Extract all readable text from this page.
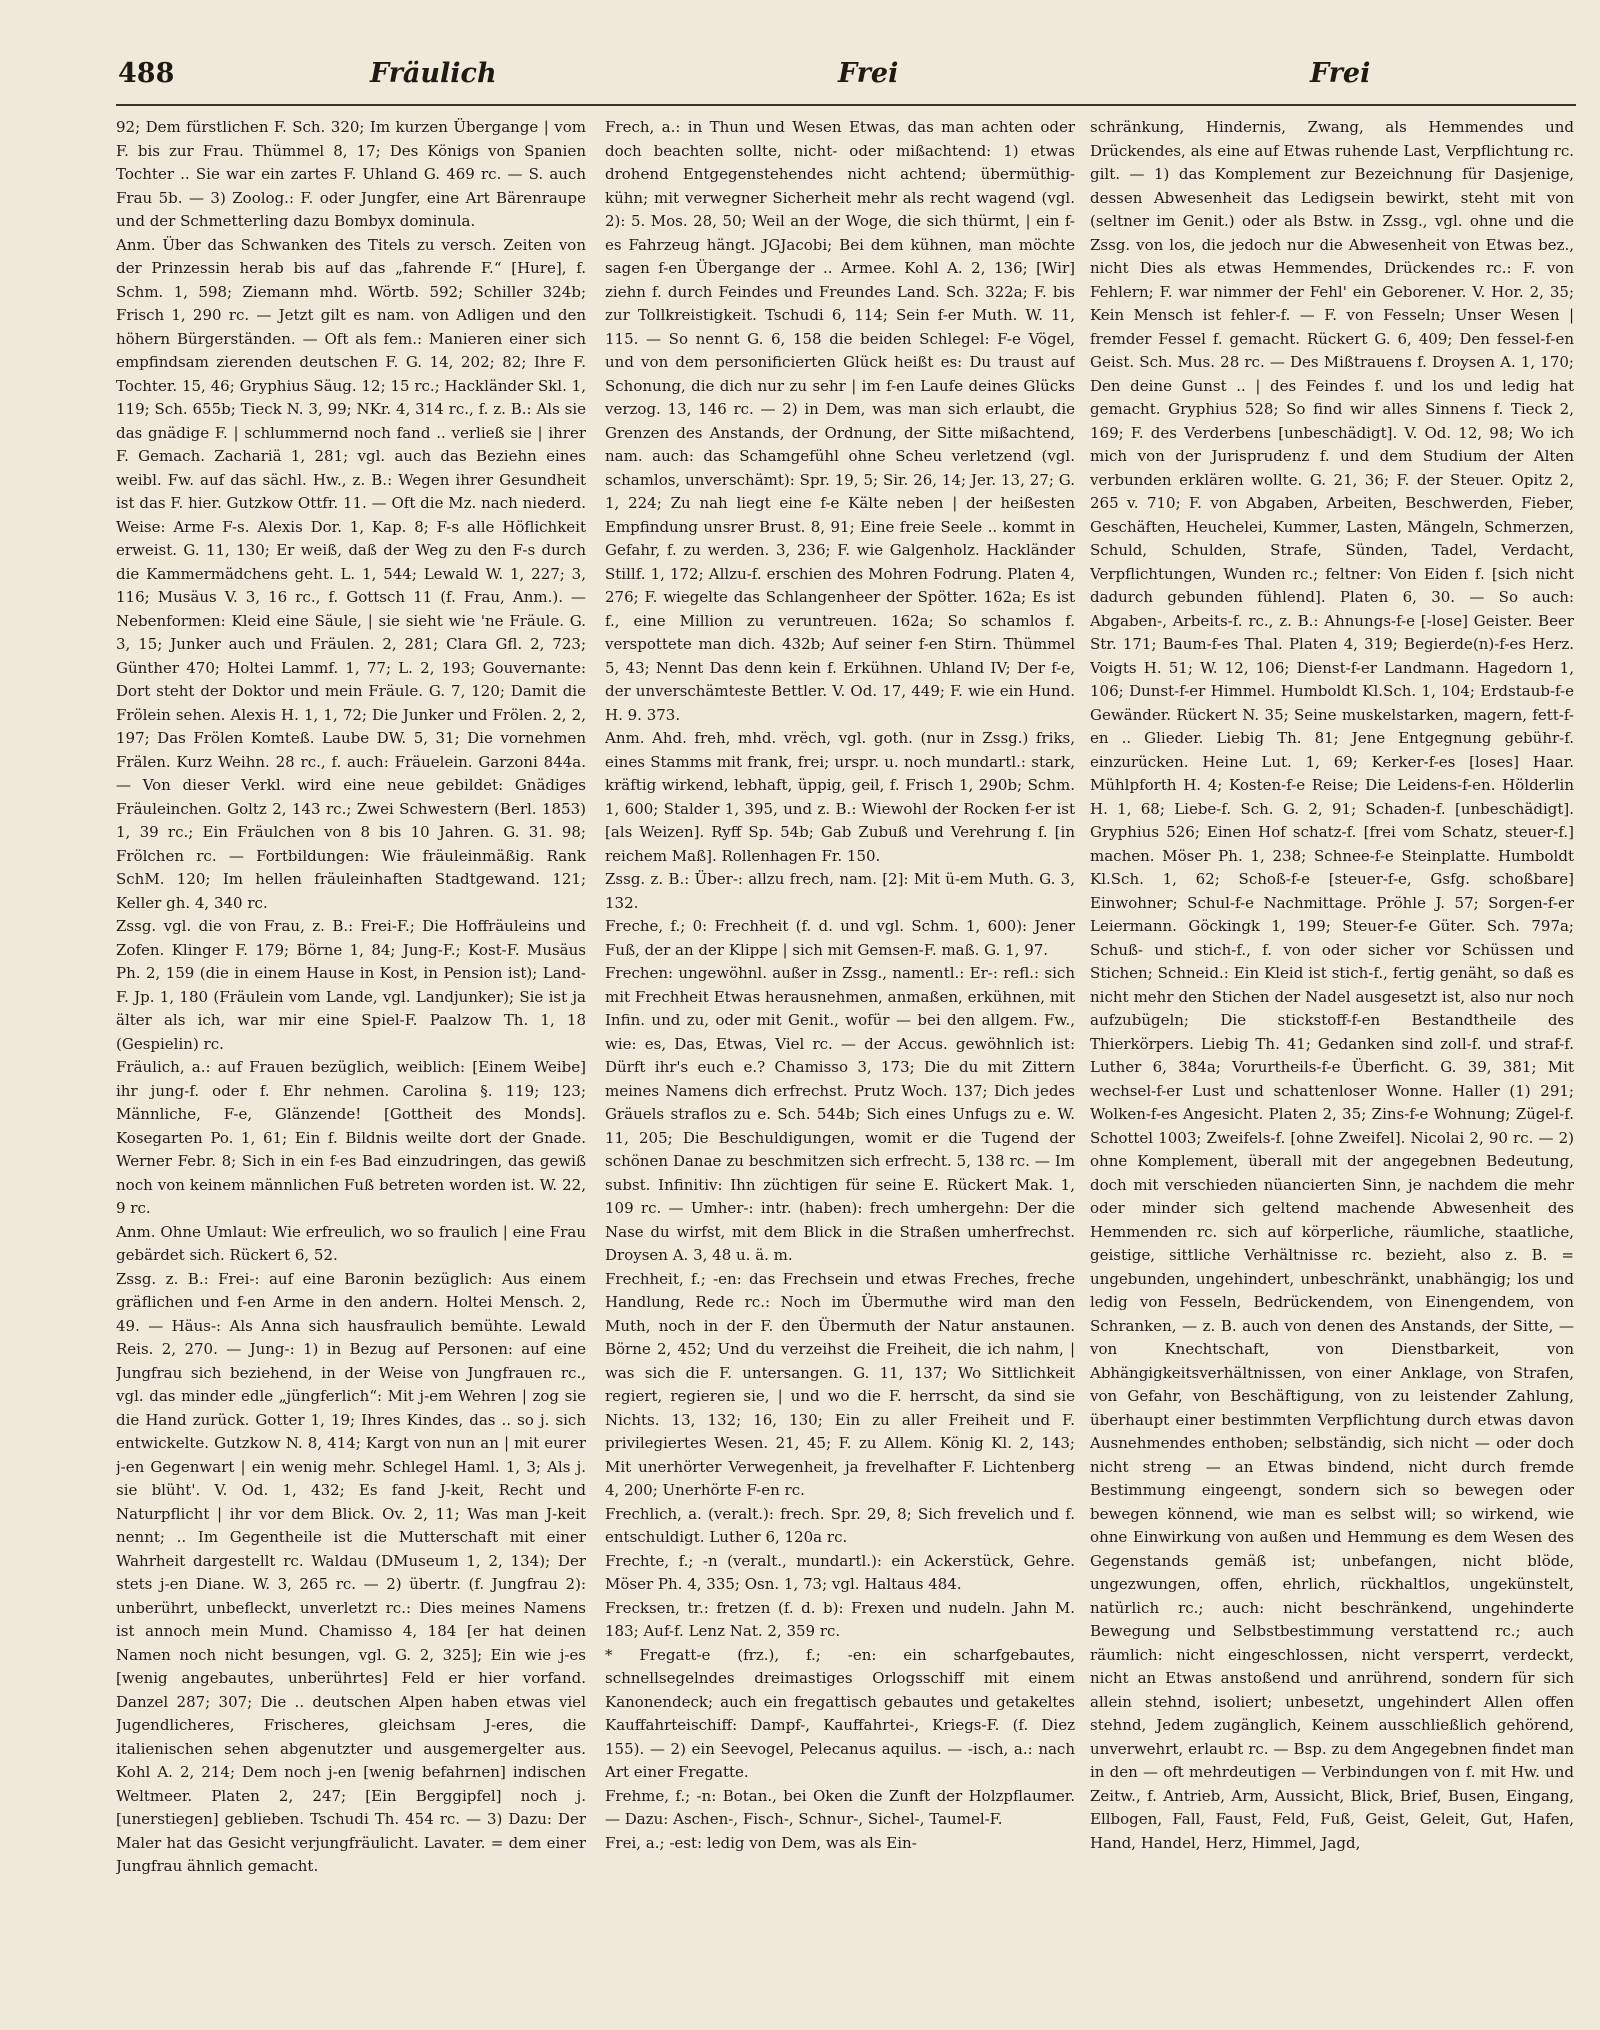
488	Fräulich	Frei	Frei

92; Dem fürstlichen F. Sch. 320; Im kurzen Übergange | vom F. bis zur Frau. Thümmel 8, 17; Des Königs von Spanien Tochter .. Sie war ein zartes F. Uhland G. 469 rc. — S. auch Frau 5b. — 3) Zoolog.: F. oder Jungfer, eine Art Bärenraupe und der Schmetterling dazu Bombyx dominula.

Anm. Über das Schwanken des Titels zu versch. Zeiten von der Prinzessin herab bis auf das „fahrende F.“ [Hure], f. Schm. 1, 598; Ziemann mhd. Wörtb. 592; Schiller 324b; Frisch 1, 290 rc. — Jetzt gilt es nam. von Adligen und den höhern Bürgerständen. — Oft als fem.: Manieren einer sich empfindsam zierenden deutschen F. G. 14, 202; 82; Ihre F. Tochter. 15, 46; Gryphius Säug. 12; 15 rc.; Hackländer Skl. 1, 119; Sch. 655b; Tieck N. 3, 99; NKr. 4, 314 rc., f. z. B.: Als sie das gnädige F. | schlummernd noch fand .. verließ sie | ihrer F. Gemach. Zachariä 1, 281; vgl. auch das Beziehn eines weibl. Fw. auf das sächl. Hw., z. B.: Wegen ihrer Gesundheit ist das F. hier. Gutzkow Ottfr. 11. — Oft die Mz. nach niederd. Weise: Arme F-s. Alexis Dor. 1, Kap. 8; F-s alle Höflichkeit erweist. G. 11, 130; Er weiß, daß der Weg zu den F-s durch die Kammermädchens geht. L. 1, 544; Lewald W. 1, 227; 3, 116; Musäus V. 3, 16 rc., f. Gottsch 11 (f. Frau, Anm.). — Nebenformen: Kleid eine Säule, | sie sieht wie 'ne Fräule. G. 3, 15; Junker auch und Fräulen. 2, 281; Clara Gfl. 2, 723; Günther 470; Holtei Lammf. 1, 77; L. 2, 193; Gouvernante: Dort steht der Doktor und mein Fräule. G. 7, 120; Damit die Frölein sehen. Alexis H. 1, 1, 72; Die Junker und Frölen. 2, 2, 197; Das Frölen Komteß. Laube DW. 5, 31; Die vornehmen Frälen. Kurz Weihn. 28 rc., f. auch: Fräuelein. Garzoni 844a. — Von dieser Verkl. wird eine neue gebildet: Gnädiges Fräuleinchen. Goltz 2, 143 rc.; Zwei Schwestern (Berl. 1853) 1, 39 rc.; Ein Fräulchen von 8 bis 10 Jahren. G. 31. 98; Frölchen rc. — Fortbildungen: Wie fräuleinmäßig. Rank SchM. 120; Im hellen fräuleinhaften Stadtgewand. 121; Keller gh. 4, 340 rc.

Zssg. vgl. die von Frau, z. B.: Frei-F.; Die Hoffräuleins und Zofen. Klinger F. 179; Börne 1, 84; Jung-F.; Kost-F. Musäus Ph. 2, 159 (die in einem Hause in Kost, in Pension ist); Land-F. Jp. 1, 180 (Fräulein vom Lande, vgl. Landjunker); Sie ist ja älter als ich, war mir eine Spiel-F. Paalzow Th. 1, 18 (Gespielin) rc.

Fräulich, a.: auf Frauen bezüglich, weiblich: [Einem Weibe] ihr jung-f. oder f. Ehr nehmen. Carolina §. 119; 123; Männliche, F-e, Glänzende! [Gottheit des Monds]. Kosegarten Po. 1, 61; Ein f. Bildnis weilte dort der Gnade. Werner Febr. 8; Sich in ein f-es Bad einzudringen, das gewiß noch von keinem männlichen Fuß betreten worden ist. W. 22, 9 rc.

Anm. Ohne Umlaut: Wie erfreulich, wo so fraulich | eine Frau gebärdet sich. Rückert 6, 52.

Zssg. z. B.: Frei-: auf eine Baronin bezüglich: Aus einem gräflichen und f-en Arme in den andern. Holtei Mensch. 2, 49. — Häus-: Als Anna sich hausfraulich bemühte. Lewald Reis. 2, 270. — Jung-: 1) in Bezug auf Personen: auf eine Jungfrau sich beziehend, in der Weise von Jungfrauen rc., vgl. das minder edle „jüngferlich“: Mit j-em Wehren | zog sie die Hand zurück. Gotter 1, 19; Ihres Kindes, das .. so j. sich entwickelte. Gutzkow N. 8, 414; Kargt von nun an | mit eurer j-en Gegenwart | ein wenig mehr. Schlegel Haml. 1, 3; Als j. sie blüht'. V. Od. 1, 432; Es fand J-keit, Recht und Naturpflicht | ihr vor dem Blick. Ov. 2, 11; Was man J-keit nennt; .. Im Gegentheile ist die Mutterschaft mit einer Wahrheit dargestellt rc. Waldau (DMuseum 1, 2, 134); Der stets j-en Diane. W. 3, 265 rc. — 2) übertr. (f. Jungfrau 2): unberührt, unbefleckt, unverletzt rc.: Dies meines Namens ist annoch mein Mund. Chamisso 4, 184 [er hat deinen Namen noch nicht besungen, vgl. G. 2, 325]; Ein wie j-es [wenig angebautes, unberührtes] Feld er hier vorfand. Danzel 287; 307; Die .. deutschen Alpen haben etwas viel Jugendlicheres, Frischeres, gleichsam J-eres, die italienischen sehen abgenutzter und ausgemergelter aus. Kohl A. 2, 214; Dem noch j-en [wenig befahrnen] indischen Weltmeer. Platen 2, 247; [Ein Berggipfel] noch j. [unerstiegen] geblieben. Tschudi Th. 454 rc. — 3) Dazu: Der Maler hat das Gesicht verjungfräulicht. Lavater. = dem einer Jungfrau ähnlich gemacht.

Frech, a.: in Thun und Wesen Etwas, das man achten oder doch beachten sollte, nicht- oder mißachtend: 1) etwas drohend Entgegenstehendes nicht achtend; übermüthig-kühn; mit verwegner Sicherheit mehr als recht wagend (vgl. 2): 5. Mos. 28, 50; Weil an der Woge, die sich thürmt, | ein f-es Fahrzeug hängt. JGJacobi; Bei dem kühnen, man möchte sagen f-en Übergange der .. Armee. Kohl A. 2, 136; [Wir] ziehn f. durch Feindes und Freundes Land. Sch. 322a; F. bis zur Tollkreistigkeit. Tschudi 6, 114; Sein f-er Muth. W. 11, 115. — So nennt G. 6, 158 die beiden Schlegel: F-e Vögel, und von dem personificierten Glück heißt es: Du traust auf Schonung, die dich nur zu sehr | im f-en Laufe deines Glücks verzog. 13, 146 rc. — 2) in Dem, was man sich erlaubt, die Grenzen des Anstands, der Ordnung, der Sitte mißachtend, nam. auch: das Schamgefühl ohne Scheu verletzend (vgl. schamlos, unverschämt): Spr. 19, 5; Sir. 26, 14; Jer. 13, 27; G. 1, 224; Zu nah liegt eine f-e Kälte neben | der heißesten Empfindung unsrer Brust. 8, 91; Eine freie Seele .. kommt in Gefahr, f. zu werden. 3, 236; F. wie Galgenholz. Hackländer Stillf. 1, 172; Allzu-f. erschien des Mohren Fodrung. Platen 4, 276; F. wiegelte das Schlangenheer der Spötter. 162a; Es ist f., eine Million zu veruntreuen. 162a; So schamlos f. verspottete man dich. 432b; Auf seiner f-en Stirn. Thümmel 5, 43; Nennt Das denn kein f. Erkühnen. Uhland IV; Der f-e, der unverschämteste Bettler. V. Od. 17, 449; F. wie ein Hund. H. 9. 373.

Anm. Ahd. freh, mhd. vrëch, vgl. goth. (nur in Zssg.) friks, eines Stamms mit frank, frei; urspr. u. noch mundartl.: stark, kräftig wirkend, lebhaft, üppig, geil, f. Frisch 1, 290b; Schm. 1, 600; Stalder 1, 395, und z. B.: Wiewohl der Rocken f-er ist [als Weizen]. Ryff Sp. 54b; Gab Zubuß und Verehrung f. [in reichem Maß]. Rollenhagen Fr. 150.

Zssg. z. B.: Über-: allzu frech, nam. [2]: Mit ü-em Muth. G. 3, 132.

Freche, f.; 0: Frechheit (f. d. und vgl. Schm. 1, 600): Jener Fuß, der an der Klippe | sich mit Gemsen-F. maß. G. 1, 97.

Frechen: ungewöhnl. außer in Zssg., namentl.: Er-: refl.: sich mit Frechheit Etwas herausnehmen, anmaßen, erkühnen, mit Infin. und zu, oder mit Genit., wofür — bei den allgem. Fw., wie: es, Das, Etwas, Viel rc. — der Accus. gewöhnlich ist: Dürft ihr's euch e.? Chamisso 3, 173; Die du mit Zittern meines Namens dich erfrechst. Prutz Woch. 137; Dich jedes Gräuels straflos zu e. Sch. 544b; Sich eines Unfugs zu e. W. 11, 205; Die Beschuldigungen, womit er die Tugend der schönen Danae zu beschmitzen sich erfrecht. 5, 138 rc. — Im subst. Infinitiv: Ihn züchtigen für seine E. Rückert Mak. 1, 109 rc. — Umher-: intr. (haben): frech umhergehn: Der die Nase du wirfst, mit dem Blick in die Straßen umherfrechst. Droysen A. 3, 48 u. ä. m.

Frechheit, f.; -en: das Frechsein und etwas Freches, freche Handlung, Rede rc.: Noch im Übermuthe wird man den Muth, noch in der F. den Übermuth der Natur anstaunen. Börne 2, 452; Und du verzeihst die Freiheit, die ich nahm, | was sich die F. untersangen. G. 11, 137; Wo Sittlichkeit regiert, regieren sie, | und wo die F. herrscht, da sind sie Nichts. 13, 132; 16, 130; Ein zu aller Freiheit und F. privilegiertes Wesen. 21, 45; F. zu Allem. König Kl. 2, 143; Mit unerhörter Verwegenheit, ja frevelhafter F. Lichtenberg 4, 200; Unerhörte F-en rc.

Frechlich, a. (veralt.): frech. Spr. 29, 8; Sich frevelich und f. entschuldigt. Luther 6, 120a rc.

Frechte, f.; -n (veralt., mundartl.): ein Ackerstück, Gehre. Möser Ph. 4, 335; Osn. 1, 73; vgl. Haltaus 484.

Frecksen, tr.: fretzen (f. d. b): Frexen und nudeln. Jahn M. 183; Auf-f. Lenz Nat. 2, 359 rc.

* Fregatt-e (frz.), f.; -en: ein scharfgebautes, schnellsegelndes dreimastiges Orlogsschiff mit einem Kanonendeck; auch ein fregattisch gebautes und getakeltes Kauffahrteischiff: Dampf-, Kauffahrtei-, Kriegs-F. (f. Diez 155). — 2) ein Seevogel, Pelecanus aquilus. — -isch, a.: nach Art einer Fregatte.

Frehme, f.; -n: Botan., bei Oken die Zunft der Holzpflaumer. — Dazu: Aschen-, Fisch-, Schnur-, Sichel-, Taumel-F.

Frei, a.; -est: ledig von Dem, was als Ein-

schränkung, Hindernis, Zwang, als Hemmendes und Drückendes, als eine auf Etwas ruhende Last, Verpflichtung rc. gilt. — 1) das Komplement zur Bezeichnung für Dasjenige, dessen Abwesenheit das Ledigsein bewirkt, steht mit von (seltner im Genit.) oder als Bstw. in Zssg., vgl. ohne und die Zssg. von los, die jedoch nur die Abwesenheit von Etwas bez., nicht Dies als etwas Hemmendes, Drückendes rc.: F. von Fehlern; F. war nimmer der Fehl' ein Geborener. V. Hor. 2, 35; Kein Mensch ist fehler-f. — F. von Fesseln; Unser Wesen | fremder Fessel f. gemacht. Rückert G. 6, 409; Den fessel-f-en Geist. Sch. Mus. 28 rc. — Des Mißtrauens f. Droysen A. 1, 170; Den deine Gunst .. | des Feindes f. und los und ledig hat gemacht. Gryphius 528; So find wir alles Sinnens f. Tieck 2, 169; F. des Verderbens [unbeschädigt]. V. Od. 12, 98; Wo ich mich von der Jurisprudenz f. und dem Studium der Alten verbunden erklären wollte. G. 21, 36; F. der Steuer. Opitz 2, 265 v. 710; F. von Abgaben, Arbeiten, Beschwerden, Fieber, Geschäften, Heuchelei, Kummer, Lasten, Mängeln, Schmerzen, Schuld, Schulden, Strafe, Sünden, Tadel, Verdacht, Verpflichtungen, Wunden rc.; feltner: Von Eiden f. [sich nicht dadurch gebunden fühlend]. Platen 6, 30. — So auch: Abgaben-, Arbeits-f. rc., z. B.: Ahnungs-f-e [-lose] Geister. Beer Str. 171; Baum-f-es Thal. Platen 4, 319; Begierde(n)-f-es Herz. Voigts H. 51; W. 12, 106; Dienst-f-er Landmann. Hagedorn 1, 106; Dunst-f-er Himmel. Humboldt Kl.Sch. 1, 104; Erdstaub-f-e Gewänder. Rückert N. 35; Seine muskelstarken, magern, fett-f-en .. Glieder. Liebig Th. 81; Jene Entgegnung gebühr-f. einzurücken. Heine Lut. 1, 69; Kerker-f-es [loses] Haar. Mühlpforth H. 4; Kosten-f-e Reise; Die Leidens-f-en. Hölderlin H. 1, 68; Liebe-f. Sch. G. 2, 91; Schaden-f. [unbeschädigt]. Gryphius 526; Einen Hof schatz-f. [frei vom Schatz, steuer-f.] machen. Möser Ph. 1, 238; Schnee-f-e Steinplatte. Humboldt Kl.Sch. 1, 62; Schoß-f-e [steuer-f-e, Gsfg. schoßbare] Einwohner; Schul-f-e Nachmittage. Pröhle J. 57; Sorgen-f-er Leiermann. Göckingk 1, 199; Steuer-f-e Güter. Sch. 797a; Schuß- und stich-f., f. von oder sicher vor Schüssen und Stichen; Schneid.: Ein Kleid ist stich-f., fertig genäht, so daß es nicht mehr den Stichen der Nadel ausgesetzt ist, also nur noch aufzubügeln; Die stickstoff-f-en Bestandtheile des Thierkörpers. Liebig Th. 41; Gedanken sind zoll-f. und straf-f. Luther 6, 384a; Vorurtheils-f-e Überficht. G. 39, 381; Mit wechsel-f-er Lust und schattenloser Wonne. Haller (1) 291; Wolken-f-es Angesicht. Platen 2, 35; Zins-f-e Wohnung; Zügel-f. Schottel 1003; Zweifels-f. [ohne Zweifel]. Nicolai 2, 90 rc. — 2) ohne Komplement, überall mit der angegebnen Bedeutung, doch mit verschieden nüancierten Sinn, je nachdem die mehr oder minder sich geltend machende Abwesenheit des Hemmenden rc. sich auf körperliche, räumliche, staatliche, geistige, sittliche Verhältnisse rc. bezieht, also z. B. = ungebunden, ungehindert, unbeschränkt, unabhängig; los und ledig von Fesseln, Bedrückendem, von Einengendem, von Schranken, — z. B. auch von denen des Anstands, der Sitte, — von Knechtschaft, von Dienstbarkeit, von Abhängigkeitsverhältnissen, von einer Anklage, von Strafen, von Gefahr, von Beschäftigung, von zu leistender Zahlung, überhaupt einer bestimmten Verpflichtung durch etwas davon Ausnehmendes enthoben; selbständig, sich nicht — oder doch nicht streng — an Etwas bindend, nicht durch fremde Bestimmung eingeengt, sondern sich so bewegen oder bewegen könnend, wie man es selbst will; so wirkend, wie ohne Einwirkung von außen und Hemmung es dem Wesen des Gegenstands gemäß ist; unbefangen, nicht blöde, ungezwungen, offen, ehrlich, rückhaltlos, ungekünstelt, natürlich rc.; auch: nicht beschränkend, ungehinderte Bewegung und Selbstbestimmung verstattend rc.; auch räumlich: nicht eingeschlossen, nicht versperrt, verdeckt, nicht an Etwas anstoßend und anrührend, sondern für sich allein stehnd, isoliert; unbesetzt, ungehindert Allen offen stehnd, Jedem zugänglich, Keinem ausschließlich gehörend, unverwehrt, erlaubt rc. — Bsp. zu dem Angegebnen findet man in den — oft mehrdeutigen — Verbindungen von f. mit Hw. und Zeitw., f. Antrieb, Arm, Aussicht, Blick, Brief, Busen, Eingang, Ellbogen, Fall, Faust, Feld, Fuß, Geist, Geleit, Gut, Hafen, Hand, Handel, Herz, Himmel, Jagd,
